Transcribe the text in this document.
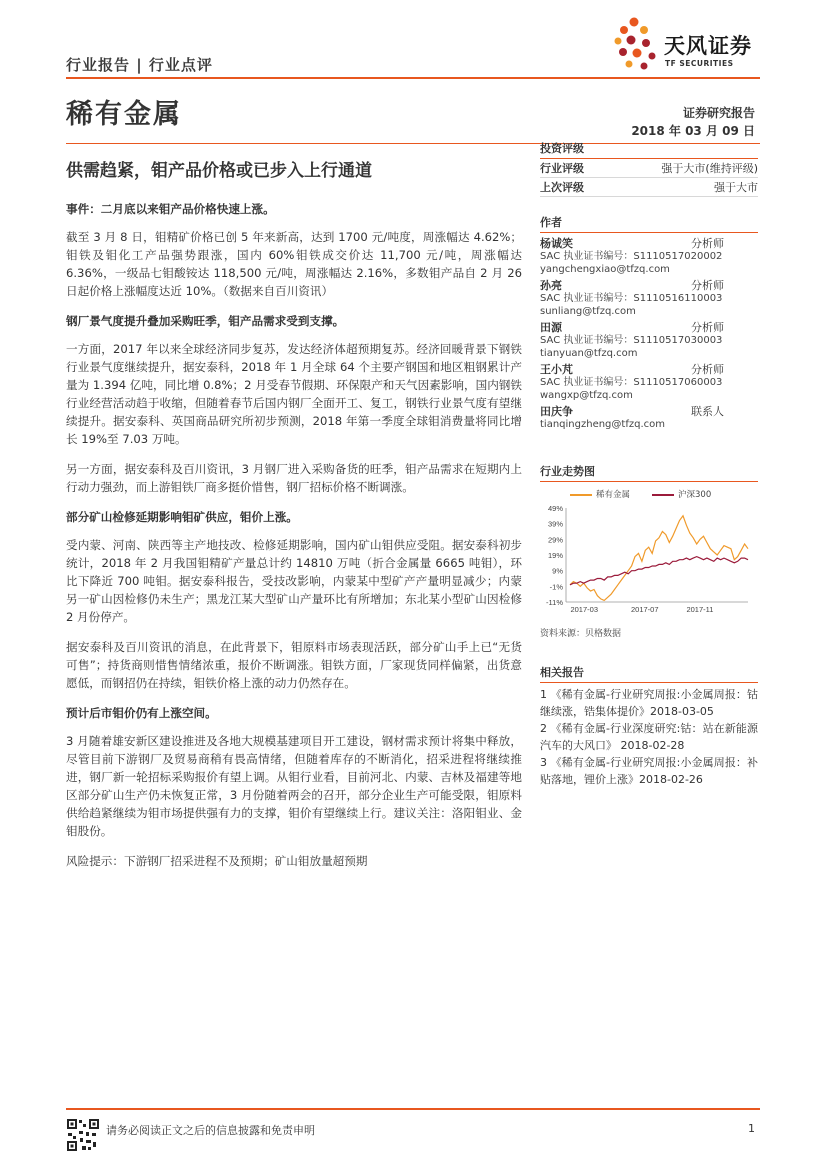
行业报告 | 行业点评
天风证券
TF SECURITIES
稀有金属	证券研究报告
2018 年 03 月 09 日
供需趋紧，钼产品价格或已步入上行通道
事件：二月底以来钼产品价格快速上涨。
截至 3 月 8 日，钼精矿价格已创 5 年来新高，达到 1700 元/吨度，周涨幅达 4.62%；钼铁及钼化工产品强势跟涨，国内 60%钼铁成交价达 11,700 元/吨，周涨幅达 6.36%，一级品七钼酸铵达 118,500 元/吨，周涨幅达 2.16%，多数钼产品自 2 月 26 日起价格上涨幅度达近 10%。（数据来自百川资讯）
钢厂景气度提升叠加采购旺季，钼产品需求受到支撑。
一方面，2017 年以来全球经济同步复苏，发达经济体超预期复苏。经济回暖背景下钢铁行业景气度继续提升，据安泰科，2018 年 1 月全球 64 个主要产钢国和地区粗钢累计产量为 1.394 亿吨，同比增 0.8%；2 月受春节假期、环保限产和天气因素影响，国内钢铁行业经营活动趋于收缩，但随着春节后国内钢厂全面开工、复工，钢铁行业景气度有望继续提升。据安泰科、英国商品研究所初步预测，2018 年第一季度全球钼消费量将同比增长 19%至 7.03 万吨。
另一方面，据安泰科及百川资讯，3 月钢厂进入采购备货的旺季，钼产品需求在短期内上行动力强劲，而上游钼铁厂商多挺价惜售，钢厂招标价格不断调涨。
部分矿山检修延期影响钼矿供应，钼价上涨。
受内蒙、河南、陕西等主产地技改、检修延期影响，国内矿山钼供应受阻。据安泰科初步统计，2018 年 2 月我国钼精矿产量总计约 14810 万吨（折合金属量 6665 吨钼），环比下降近 700 吨钼。据安泰科报告，受技改影响，内蒙某中型矿产产量明显减少；内蒙另一矿山因检修仍未生产；黑龙江某大型矿山产量环比有所增加；东北某小型矿山因检修 2 月份停产。
据安泰科及百川资讯的消息，在此背景下，钼原料市场表现活跃，部分矿山手上已“无货可售”；持货商则惜售情绪浓重，报价不断调涨。钼铁方面，厂家现货同样偏紧，出货意愿低，而钢招仍在持续，钼铁价格上涨的动力仍然存在。
预计后市钼价仍有上涨空间。
3 月随着雄安新区建设推进及各地大规模基建项目开工建设，钢材需求预计将集中释放，尽管目前下游钢厂及贸易商稍有畏高情绪，但随着库存的不断消化，招采进程将继续推进，钢厂新一轮招标采购报价有望上调。从钼行业看，目前河北、内蒙、吉林及福建等地区部分矿山生产仍未恢复正常，3 月份随着两会的召开，部分企业生产可能受限，钼原料供给趋紧继续为钼市场提供强有力的支撑，钼价有望继续上行。建议关注：洛阳钼业、金钼股份。
风险提示：下游钢厂招采进程不及预期；矿山钼放量超预期
投资评级
行业评级	强于大市(维持评级)
上次评级	强于大市
作者
杨诚笑	分析师
SAC 执业证书编号：S1110517020002
yangchengxiao@tfzq.com
孙亮	分析师
SAC 执业证书编号：S1110516110003
sunliang@tfzq.com
田源	分析师
SAC 执业证书编号：S1110517030003
tianyuan@tfzq.com
王小芃	分析师
SAC 执业证书编号：S1110517060003
wangxp@tfzq.com
田庆争	联系人
tianqingzheng@tfzq.com
行业走势图
稀有金属	沪深300
49%
39%
29%
19%
9%
-1%
-11%
2017-03	2017-07	2017-11
资料来源：贝格数据
相关报告
1 《稀有金属-行业研究周报:小金属周报：钴继续涨，锆集体提价》2018-03-05
2 《稀有金属-行业深度研究:钴：站在新能源汽车的大风口》 2018-02-28
3 《稀有金属-行业研究周报:小金属周报：补贴落地，锂价上涨》2018-02-26
请务必阅读正文之后的信息披露和免责申明	1
